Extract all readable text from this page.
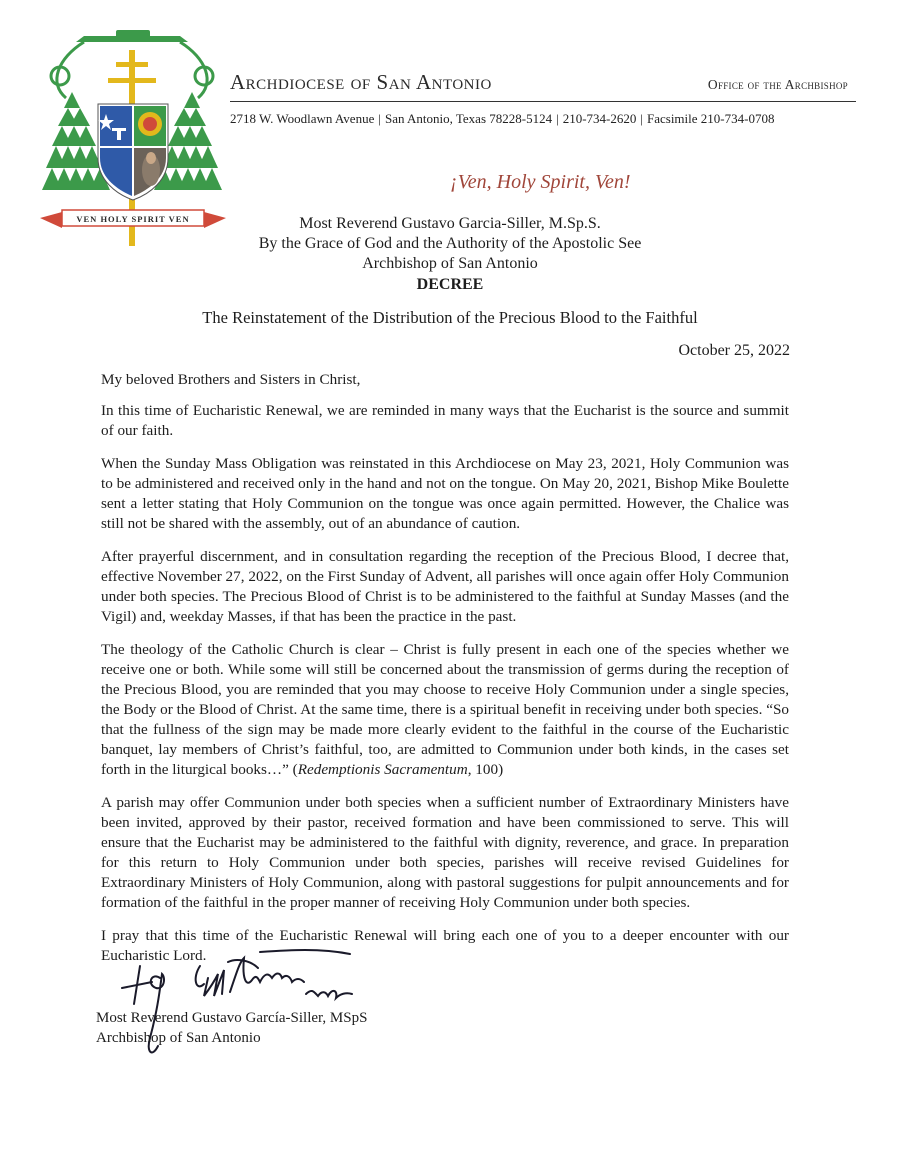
VEN HOLY SPIRIT VEN
Archdiocese of San Antonio	Office of the Archbishop
2718 W. Woodlawn Avenue | San Antonio, Texas 78228-5124 | 210-734-2620 | Facsimile 210-734-0708
¡Ven, Holy Spirit, Ven!
Most Reverend Gustavo Garcia-Siller, M.Sp.S.
By the Grace of God and the Authority of the Apostolic See
Archbishop of San Antonio
DECREE
The Reinstatement of the Distribution of the Precious Blood to the Faithful
October 25, 2022

My beloved Brothers and Sisters in Christ,

In this time of Eucharistic Renewal, we are reminded in many ways that the Eucharist is the source and summit of our faith.

When the Sunday Mass Obligation was reinstated in this Archdiocese on May 23, 2021, Holy Communion was to be administered and received only in the hand and not on the tongue. On May 20, 2021, Bishop Mike Boulette sent a letter stating that Holy Communion on the tongue was once again permitted. However, the Chalice was still not be shared with the assembly, out of an abundance of caution.

After prayerful discernment, and in consultation regarding the reception of the Precious Blood, I decree that, effective November 27, 2022, on the First Sunday of Advent, all parishes will once again offer Holy Communion under both species. The Precious Blood of Christ is to be administered to the faithful at Sunday Masses (and the Vigil) and, weekday Masses, if that has been the practice in the past.

The theology of the Catholic Church is clear – Christ is fully present in each one of the species whether we receive one or both. While some will still be concerned about the transmission of germs during the reception of the Precious Blood, you are reminded that you may choose to receive Holy Communion under a single species, the Body or the Blood of Christ. At the same time, there is a spiritual benefit in receiving under both species. “So that the fullness of the sign may be made more clearly evident to the faithful in the course of the Eucharistic banquet, lay members of Christ’s faithful, too, are admitted to Communion under both kinds, in the cases set forth in the liturgical books…” (Redemptionis Sacramentum, 100)

A parish may offer Communion under both species when a sufficient number of Extraordinary Ministers have been invited, approved by their pastor, received formation and have been commissioned to serve. This will ensure that the Eucharist may be administered to the faithful with dignity, reverence, and grace. In preparation for this return to Holy Communion under both species, parishes will receive revised Guidelines for Extraordinary Ministers of Holy Communion, along with pastoral suggestions for pulpit announcements and for formation of the faithful in the proper manner of receiving Holy Communion under both species.

I pray that this time of the Eucharistic Renewal will bring each one of you to a deeper encounter with our Eucharistic Lord.

Most Reverend Gustavo García-Siller, MSpS
Archbishop of San Antonio
